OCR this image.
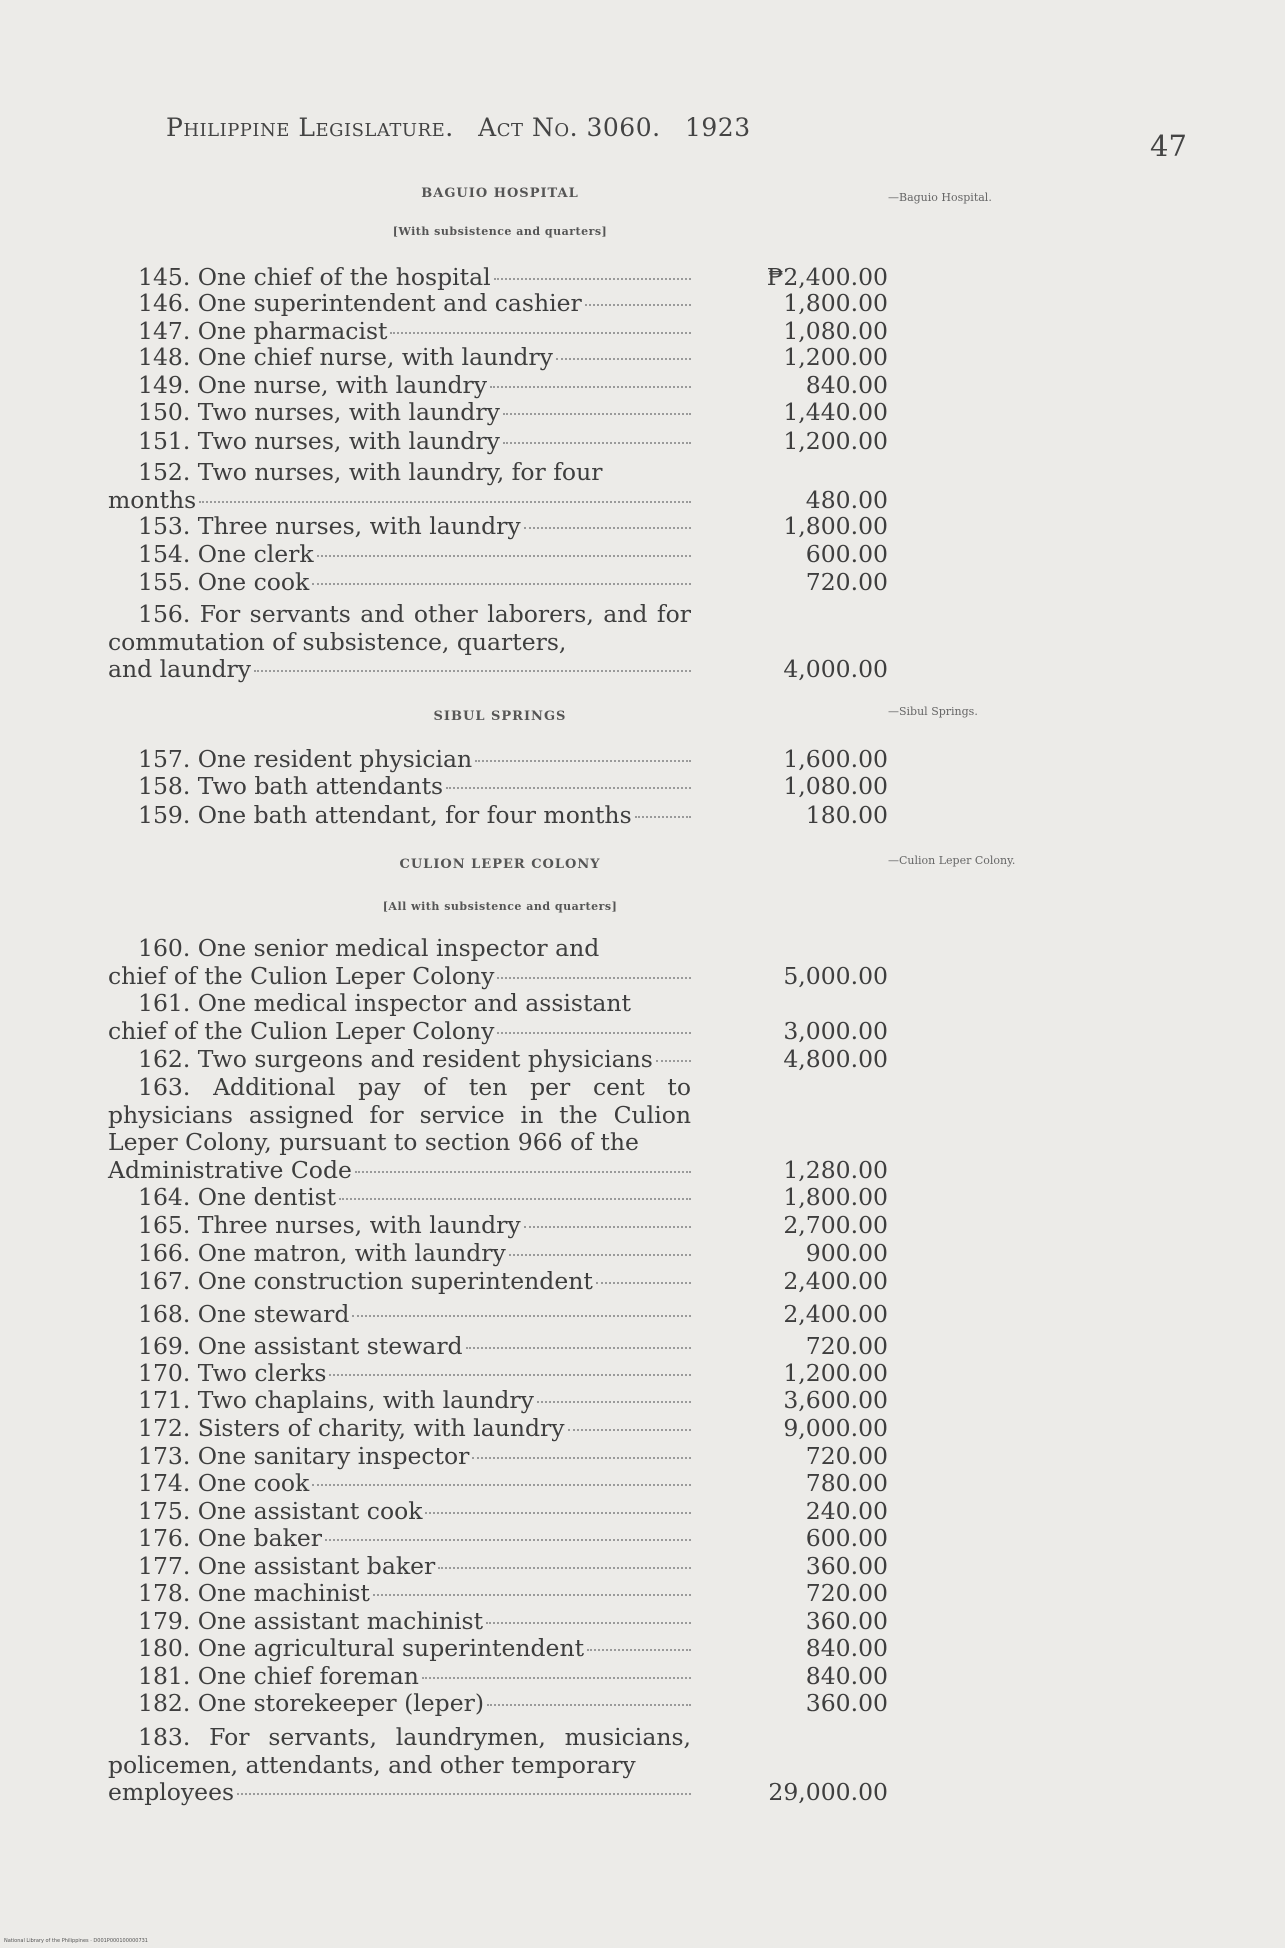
Philippine Legislature. Act No. 3060. 1923
47
BAGUIO HOSPITAL
[With subsistence and quarters]
—Baguio Hospital.
SIBUL SPRINGS	—Sibul Springs.
CULION LEPER COLONY
[All with subsistence and quarters]
—Culion Leper Colony.
145. One chief of the hospital	₱2,400.00
146. One superintendent and cashier	1,800.00
147. One pharmacist	1,080.00
148. One chief nurse, with laundry	1,200.00
149. One nurse, with laundry	840.00
150. Two nurses, with laundry	1,440.00
151. Two nurses, with laundry	1,200.00
152. Two nurses, with laundry, for four
months	480.00
153. Three nurses, with laundry	1,800.00
154. One clerk	600.00
155. One cook	720.00
156. For servants and other laborers, and for commutation of subsistence, quarters,
and laundry	4,000.00
157. One resident physician	1,600.00
158. Two bath attendants	1,080.00
159. One bath attendant, for four months	180.00
160. One senior medical inspector and
chief of the Culion Leper Colony	5,000.00
161. One medical inspector and assistant
chief of the Culion Leper Colony	3,000.00
162. Two surgeons and resident physicians	4,800.00
163. Additional pay of ten per cent to physicians assigned for service in the Culion Leper Colony, pursuant to section 966 of the
Administrative Code	1,280.00
164. One dentist	1,800.00
165. Three nurses, with laundry	2,700.00
166. One matron, with laundry	900.00
167. One construction superintendent	2,400.00
168. One steward	2,400.00
169. One assistant steward	720.00
170. Two clerks	1,200.00
171. Two chaplains, with laundry	3,600.00
172. Sisters of charity, with laundry	9,000.00
173. One sanitary inspector	720.00
174. One cook	780.00
175. One assistant cook	240.00
176. One baker	600.00
177. One assistant baker	360.00
178. One machinist	720.00
179. One assistant machinist	360.00
180. One agricultural superintendent	840.00
181. One chief foreman	840.00
182. One storekeeper (leper)	360.00
183. For servants, laundrymen, musicians, policemen, attendants, and other temporary
employees	29,000.00
National Library of the Philippines · D001P000100000731
